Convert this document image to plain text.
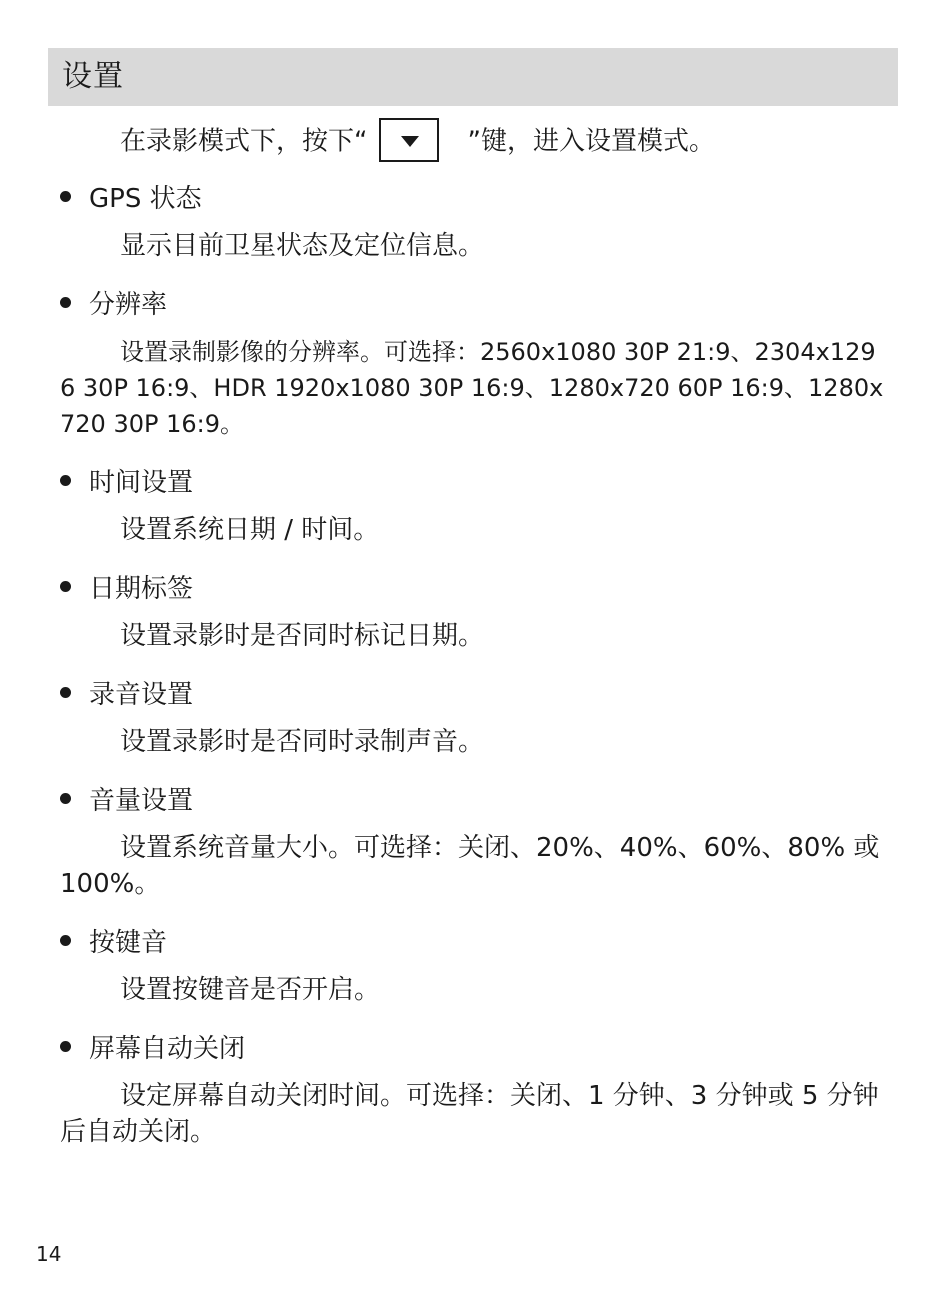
设置
在录影模式下，按下“	”键，进入设置模式。
GPS 状态
显示目前卫星状态及定位信息。
分辨率
设置录制影像的分辨率。可选择：2560x1080 30P 21:9、2304x1296 30P 16:9、HDR 1920x1080 30P 16:9、1280x720 60P 16:9、1280x720 30P 16:9。
时间设置
设置系统日期 / 时间。
日期标签
设置录影时是否同时标记日期。
录音设置
设置录影时是否同时录制声音。
音量设置
设置系统音量大小。可选择：关闭、20%、40%、60%、80% 或 100%。
按键音
设置按键音是否开启。
屏幕自动关闭
设定屏幕自动关闭时间。可选择：关闭、1 分钟、3 分钟或 5 分钟后自动关闭。
14
